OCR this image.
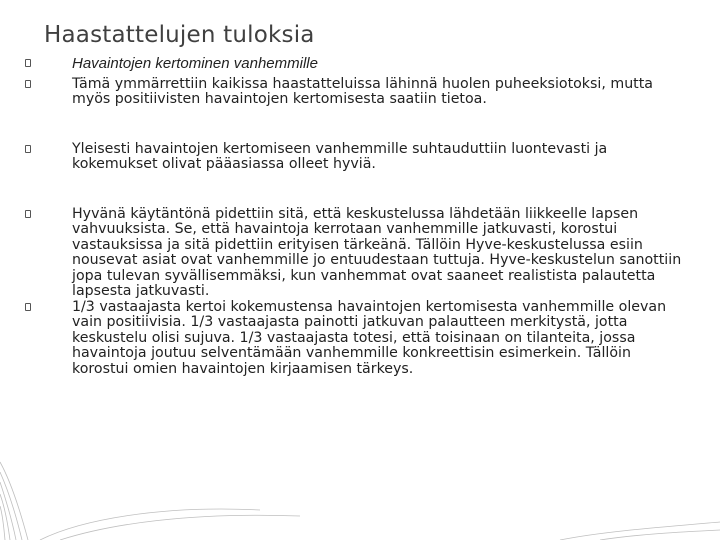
Haastattelujen tuloksia
Havaintojen kertominen vanhemmille
Tämä ymmärrettiin kaikissa haastatteluissa lähinnä huolen puheeksiotoksi, mutta myös positiivisten havaintojen kertomisesta saatiin tietoa.
Yleisesti havaintojen kertomiseen vanhemmille suhtauduttiin luontevasti ja kokemukset olivat pääasiassa olleet hyviä.
Hyvänä käytäntönä pidettiin sitä, että keskustelussa lähdetään liikkeelle lapsen vahvuuksista. Se, että havaintoja kerrotaan vanhemmille jatkuvasti, korostui vastauksissa ja sitä pidettiin erityisen tärkeänä. Tällöin Hyve-keskustelussa esiin nousevat asiat ovat vanhemmille jo entuudestaan tuttuja. Hyve-keskustelun sanottiin jopa tulevan syvällisemmäksi, kun vanhemmat ovat saaneet realistista palautetta lapsesta jatkuvasti.
1/3 vastaajasta kertoi kokemustensa havaintojen kertomisesta vanhemmille olevan vain positiivisia. 1/3 vastaajasta painotti jatkuvan palautteen merkitystä, jotta keskustelu olisi sujuva. 1/3 vastaajasta totesi, että toisinaan on tilanteita, jossa havaintoja joutuu selventämään vanhemmille konkreettisin esimerkein. Tällöin korostui omien havaintojen kirjaamisen tärkeys.
